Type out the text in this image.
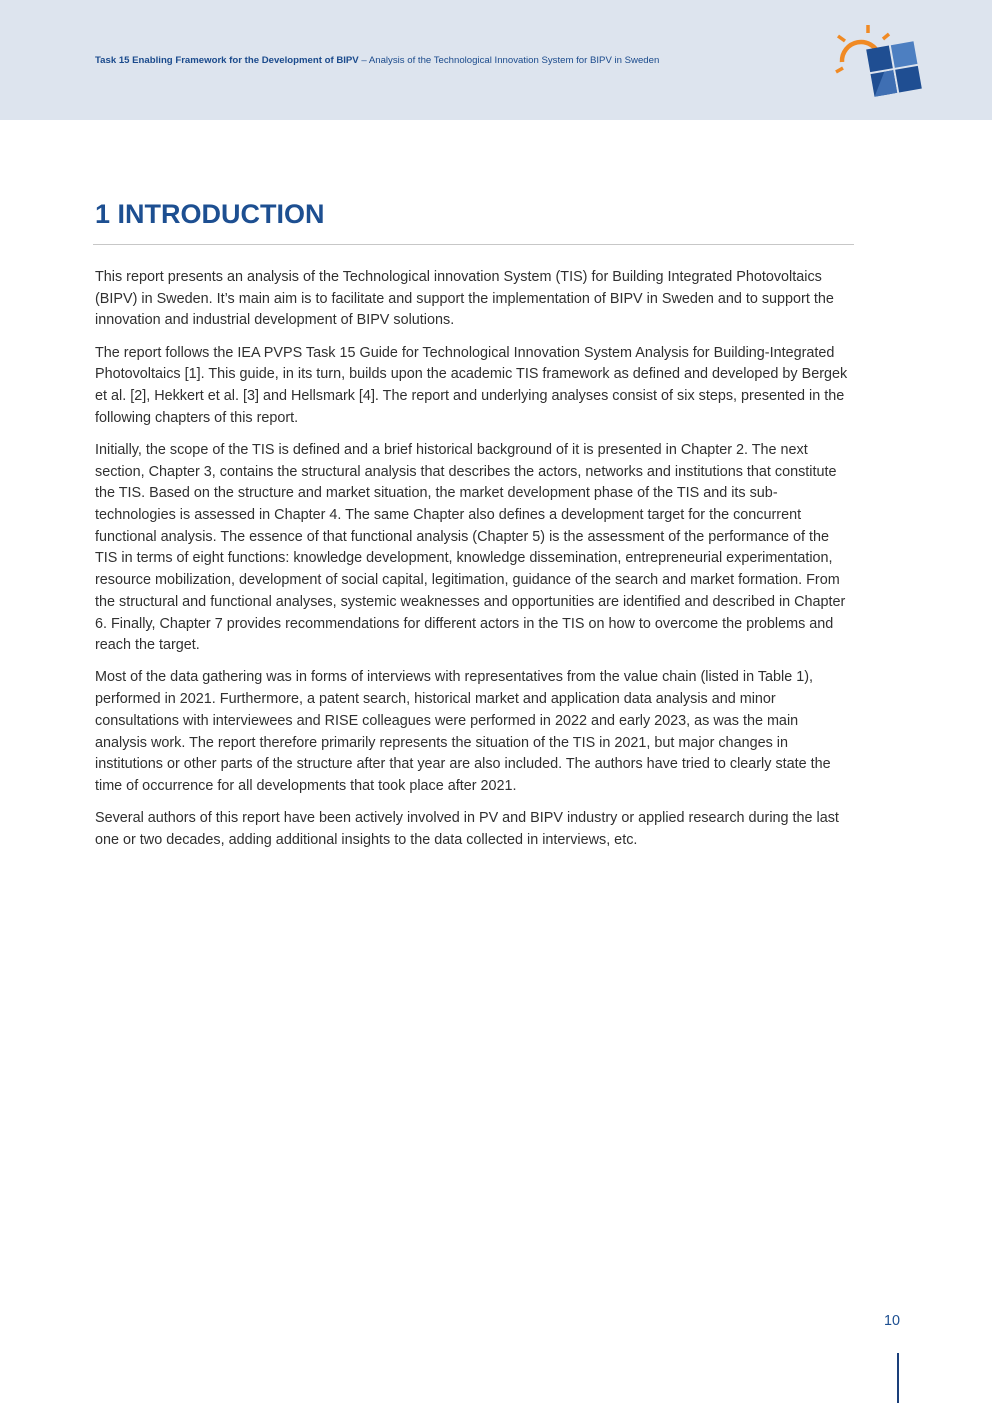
Task 15 Enabling Framework for the Development of BIPV – Analysis of the Technological Innovation System for BIPV in Sweden
1 INTRODUCTION

This report presents an analysis of the Technological innovation System (TIS) for Building Integrated Photovoltaics (BIPV) in Sweden. It’s main aim is to facilitate and support the implementation of BIPV in Sweden and to support the innovation and industrial development of BIPV solutions.

The report follows the IEA PVPS Task 15 Guide for Technological Innovation System Analysis for Building-Integrated Photovoltaics [1]. This guide, in its turn, builds upon the academic TIS framework as defined and developed by Bergek et al. [2], Hekkert et al. [3] and Hellsmark [4]. The report and underlying analyses consist of six steps, presented in the following chapters of this report.

Initially, the scope of the TIS is defined and a brief historical background of it is presented in Chapter 2. The next section, Chapter 3, contains the structural analysis that describes the actors, networks and institutions that constitute the TIS. Based on the structure and market situation, the market development phase of the TIS and its sub-technologies is assessed in Chapter 4. The same Chapter also defines a development target for the concurrent functional analysis. The essence of that functional analysis (Chapter 5) is the assessment of the performance of the TIS in terms of eight functions: knowledge development, knowledge dissemination, entrepreneurial experimentation, resource mobilization, development of social capital, legitimation, guidance of the search and market formation. From the structural and functional analyses, systemic weaknesses and opportunities are identified and described in Chapter 6. Finally, Chapter 7 provides recommendations for different actors in the TIS on how to overcome the problems and reach the target.

Most of the data gathering was in forms of interviews with representatives from the value chain (listed in Table 1), performed in 2021. Furthermore, a patent search, historical market and application data analysis and minor consultations with interviewees and RISE colleagues were performed in 2022 and early 2023, as was the main analysis work. The report therefore primarily represents the situation of the TIS in 2021, but major changes in institutions or other parts of the structure after that year are also included. The authors have tried to clearly state the time of occurrence for all developments that took place after 2021.

Several authors of this report have been actively involved in PV and BIPV industry or applied research during the last one or two decades, adding additional insights to the data collected in interviews, etc.

10
